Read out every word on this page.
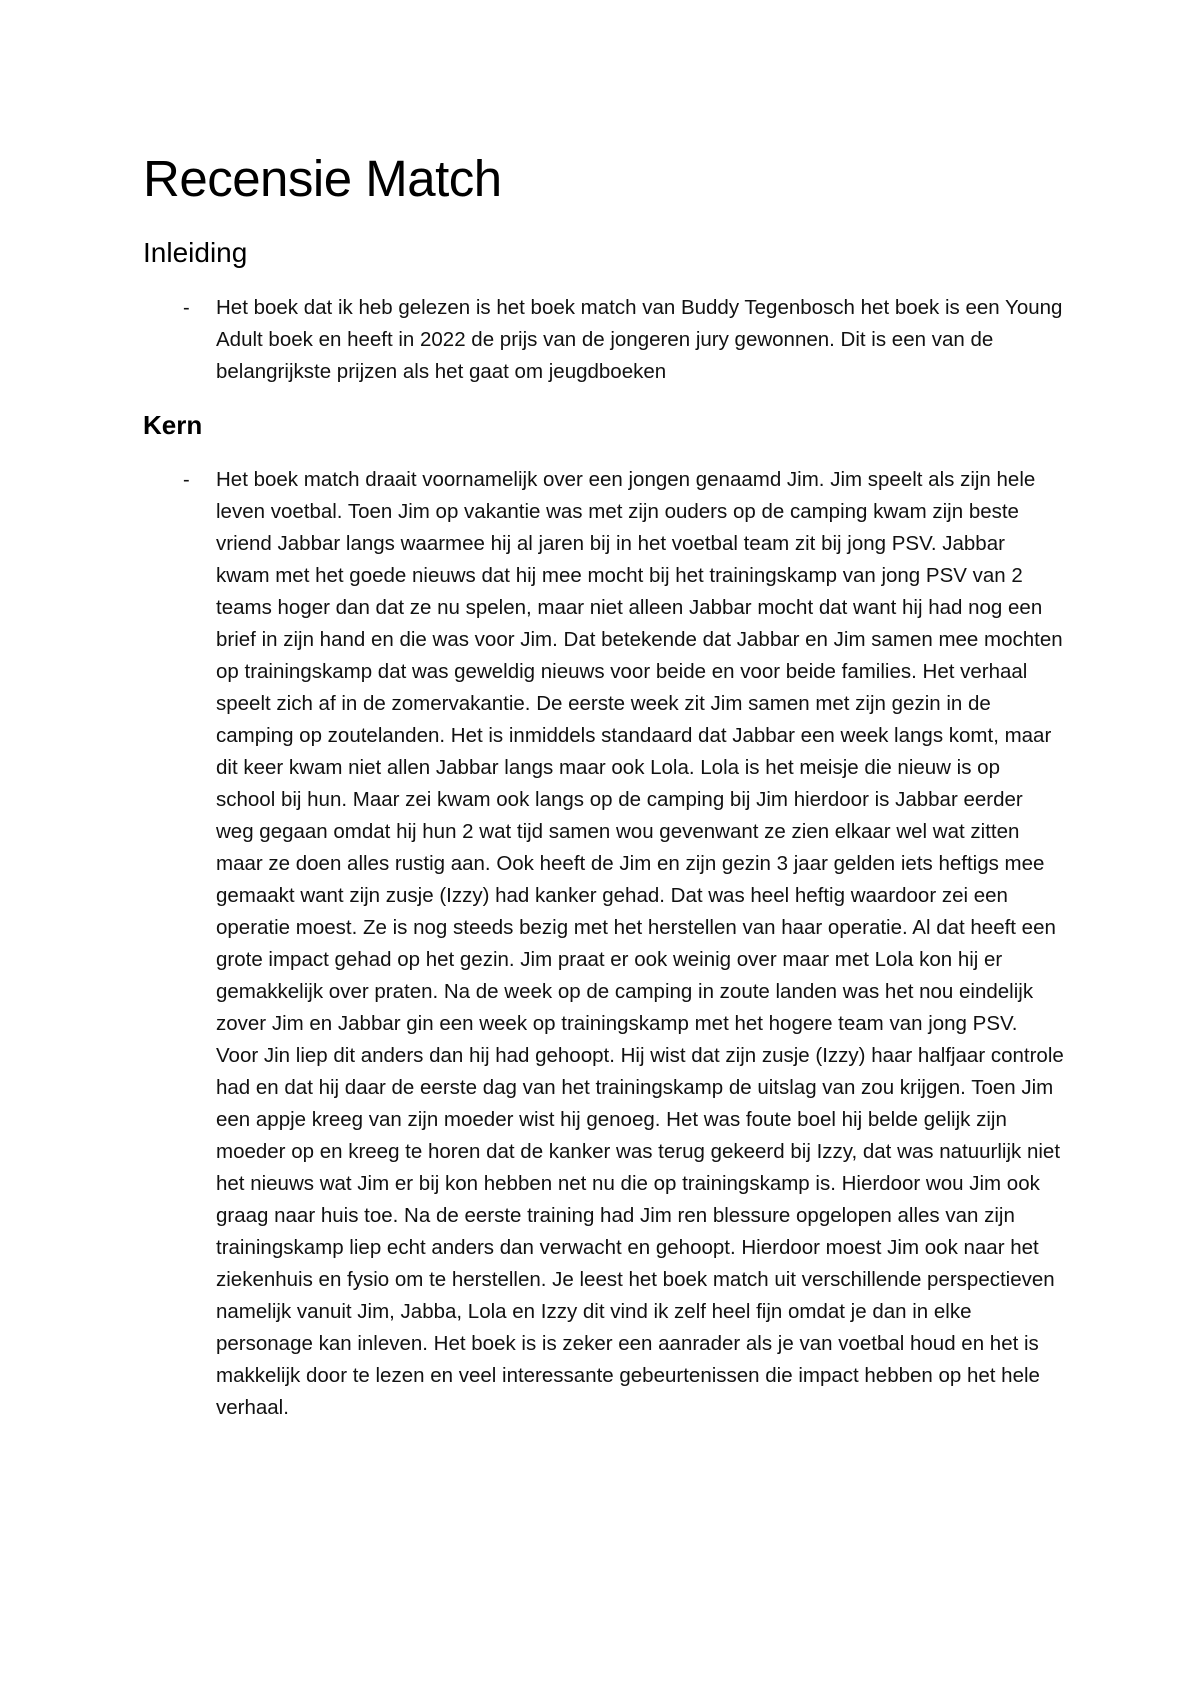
Recensie Match
Inleiding
- Het boek dat ik heb gelezen is het boek match van Buddy Tegenbosch het boek is een Young Adult boek en heeft in 2022 de prijs van de jongeren jury gewonnen. Dit is een van de belangrijkste prijzen als het gaat om jeugdboeken

Kern
- Het boek match draait voornamelijk over een jongen genaamd Jim. Jim speelt als zijn hele leven voetbal. Toen Jim op vakantie was met zijn ouders op de camping kwam zijn beste vriend Jabbar langs waarmee hij al jaren bij in het voetbal team zit bij jong PSV. Jabbar kwam met het goede nieuws dat hij mee mocht bij het trainingskamp van jong PSV van 2 teams hoger dan dat ze nu spelen, maar niet alleen Jabbar mocht dat want hij had nog een brief in zijn hand en die was voor Jim. Dat betekende dat Jabbar en Jim samen mee mochten op trainingskamp dat was geweldig nieuws voor beide en voor beide families. Het verhaal speelt zich af in de zomervakantie. De eerste week zit Jim samen met zijn gezin in de camping op zoutelanden. Het is inmiddels standaard dat Jabbar een week langs komt, maar dit keer kwam niet allen Jabbar langs maar ook Lola. Lola is het meisje die nieuw is op school bij hun. Maar zei kwam ook langs op de camping bij Jim hierdoor is Jabbar eerder weg gegaan omdat hij hun 2 wat tijd samen wou gevenwant ze zien elkaar wel wat zitten maar ze doen alles rustig aan. Ook heeft de Jim en zijn gezin 3 jaar gelden iets heftigs mee gemaakt want zijn zusje (Izzy) had kanker gehad. Dat was heel heftig waardoor zei een operatie moest. Ze is nog steeds bezig met het herstellen van haar operatie. Al dat heeft een grote impact gehad op het gezin. Jim praat er ook weinig over maar met Lola kon hij er gemakkelijk over praten. Na de week op de camping in zoute landen was het nou eindelijk zover Jim en Jabbar gin een week op trainingskamp met het hogere team van jong PSV.
Voor Jin liep dit anders dan hij had gehoopt. Hij wist dat zijn zusje (Izzy) haar halfjaar controle had en dat hij daar de eerste dag van het trainingskamp de uitslag van zou krijgen. Toen Jim een appje kreeg van zijn moeder wist hij genoeg. Het was foute boel hij belde gelijk zijn moeder op en kreeg te horen dat de kanker was terug gekeerd bij Izzy, dat was natuurlijk niet het nieuws wat Jim er bij kon hebben net nu die op trainingskamp is. Hierdoor wou Jim ook graag naar huis toe. Na de eerste training had Jim ren blessure opgelopen alles van zijn trainingskamp liep echt anders dan verwacht en gehoopt. Hierdoor moest Jim ook naar het ziekenhuis en fysio om te herstellen. Je leest het boek match uit verschillende perspectieven namelijk vanuit Jim, Jabba, Lola en Izzy dit vind ik zelf heel fijn omdat je dan in elke personage kan inleven. Het boek is is zeker een aanrader als je van voetbal houd en het is makkelijk door te lezen en veel interessante gebeurtenissen die impact hebben op het hele verhaal.
